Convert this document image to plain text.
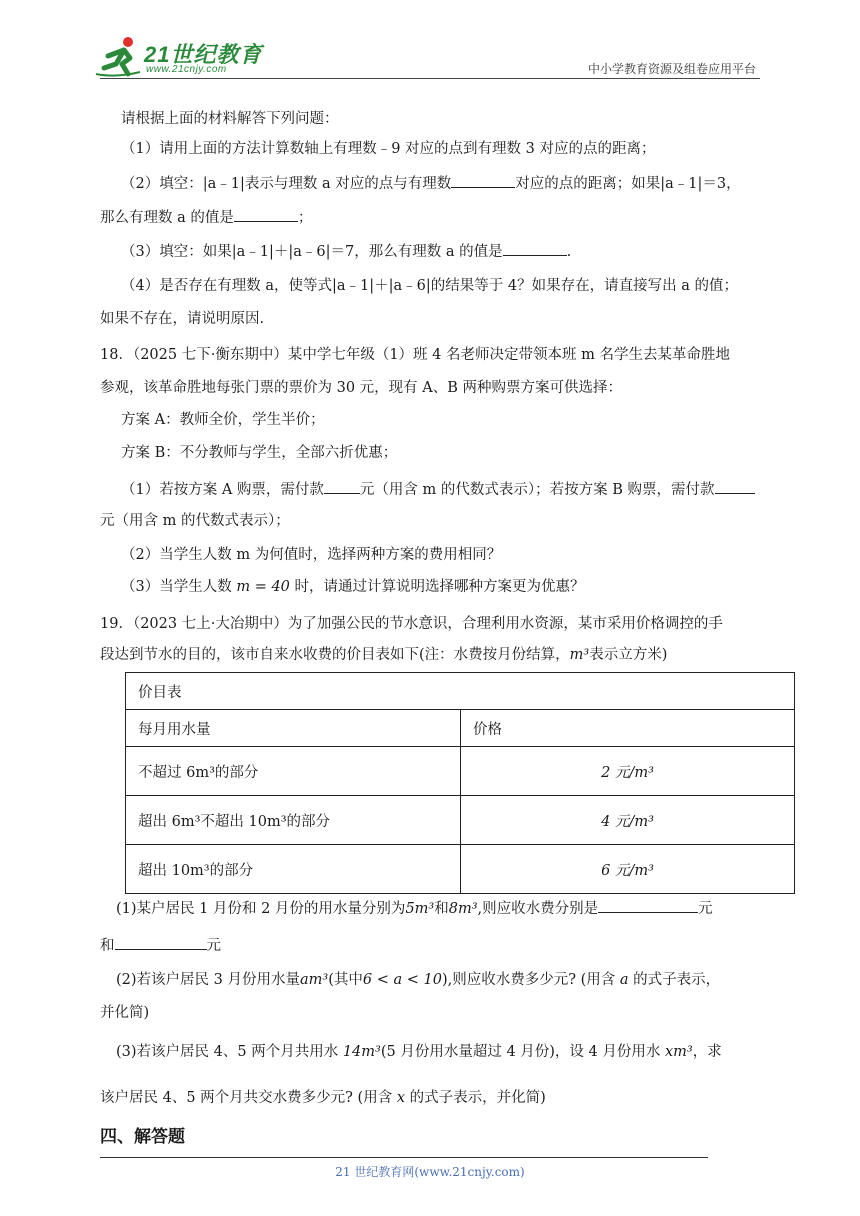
21世纪教育
www.21cnjy.com	中小学教育资源及组卷应用平台
请根据上面的材料解答下列问题：
（1）请用上面的方法计算数轴上有理数﹣9 对应的点到有理数 3 对应的点的距离；
（2）填空：|a﹣1|表示与理数 a 对应的点与有理数	对应的点的距离；如果|a﹣1|＝3，
那么有理数 a 的值是	；
（3）填空：如果|a﹣1|＋|a﹣6|＝7，那么有理数 a 的值是	.
（4）是否存在有理数 a，使等式|a﹣1|＋|a﹣6|的结果等于 4？如果存在，请直接写出 a 的值；
如果不存在，请说明原因.
18．（2025 七下·衡东期中）某中学七年级（1）班 4 名老师决定带领本班 m 名学生去某革命胜地
参观，该革命胜地每张门票的票价为 30 元，现有 A、B 两种购票方案可供选择：
方案 A：教师全价，学生半价；
方案 B：不分教师与学生，全部六折优惠；
（1）若按方案 A 购票，需付款 元（用含 m 的代数式表示）；若按方案 B 购票，需付款
元（用含 m 的代数式表示）；
（2）当学生人数 m 为何值时，选择两种方案的费用相同？
（3）当学生人数 m = 40 时，请通过计算说明选择哪种方案更为优惠？
19．（2023 七上·大冶期中）为了加强公民的节水意识，合理利用水资源，某市采用价格调控的手
段达到节水的目的，该市自来水收费的价目表如下(注：水费按月份结算，m³表示立方米)
价目表	
每月用水量	价格
不超过 6m³的部分	2 元/m³
超出 6m³不超出 10m³的部分	4 元/m³
超出 10m³的部分	6 元/m³
(1)某户居民 1 月份和 2 月份的用水量分别为5m³和8m³,则应收水费分别是	元
和	元
(2)若该户居民 3 月份用水量am³(其中6 < a < 10),则应收水费多少元? (用含 a 的式子表示，
并化简)
(3)若该户居民 4、5 两个月共用水 14m³(5 月份用水量超过 4 月份)，设 4 月份用水 xm³，求
该户居民 4、5 两个月共交水费多少元? (用含 x 的式子表示，并化简)
四、解答题
21 世纪教育网(www.21cnjy.com)
